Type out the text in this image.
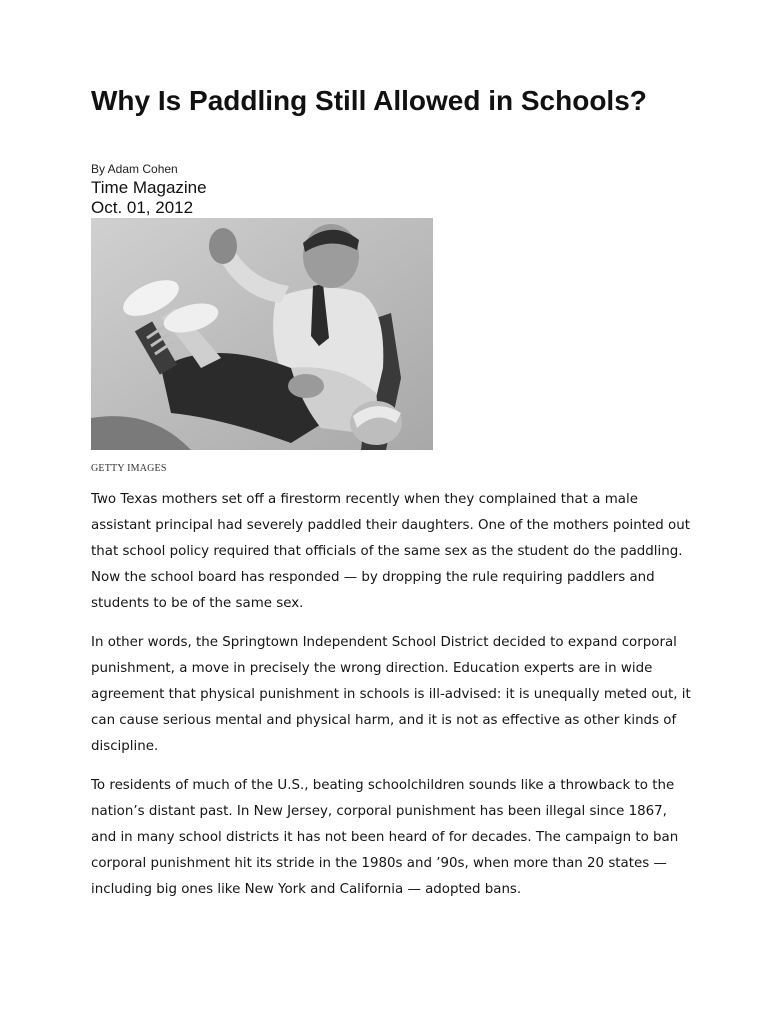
Why Is Paddling Still Allowed in Schools?
By Adam Cohen
Time Magazine
Oct. 01, 2012
GETTY IMAGES

Two Texas mothers set off a firestorm recently when they complained that a male assistant principal had severely paddled their daughters. One of the mothers pointed out that school policy required that officials of the same sex as the student do the paddling. Now the school board has responded — by dropping the rule requiring paddlers and students to be of the same sex.

In other words, the Springtown Independent School District decided to expand corporal punishment, a move in precisely the wrong direction. Education experts are in wide agreement that physical punishment in schools is ill-advised: it is unequally meted out, it can cause serious mental and physical harm, and it is not as effective as other kinds of discipline.

To residents of much of the U.S., beating schoolchildren sounds like a throwback to the nation’s distant past. In New Jersey, corporal punishment has been illegal since 1867, and in many school districts it has not been heard of for decades. The campaign to ban corporal punishment hit its stride in the 1980s and ’90s, when more than 20 states — including big ones like New York and California — adopted bans.
